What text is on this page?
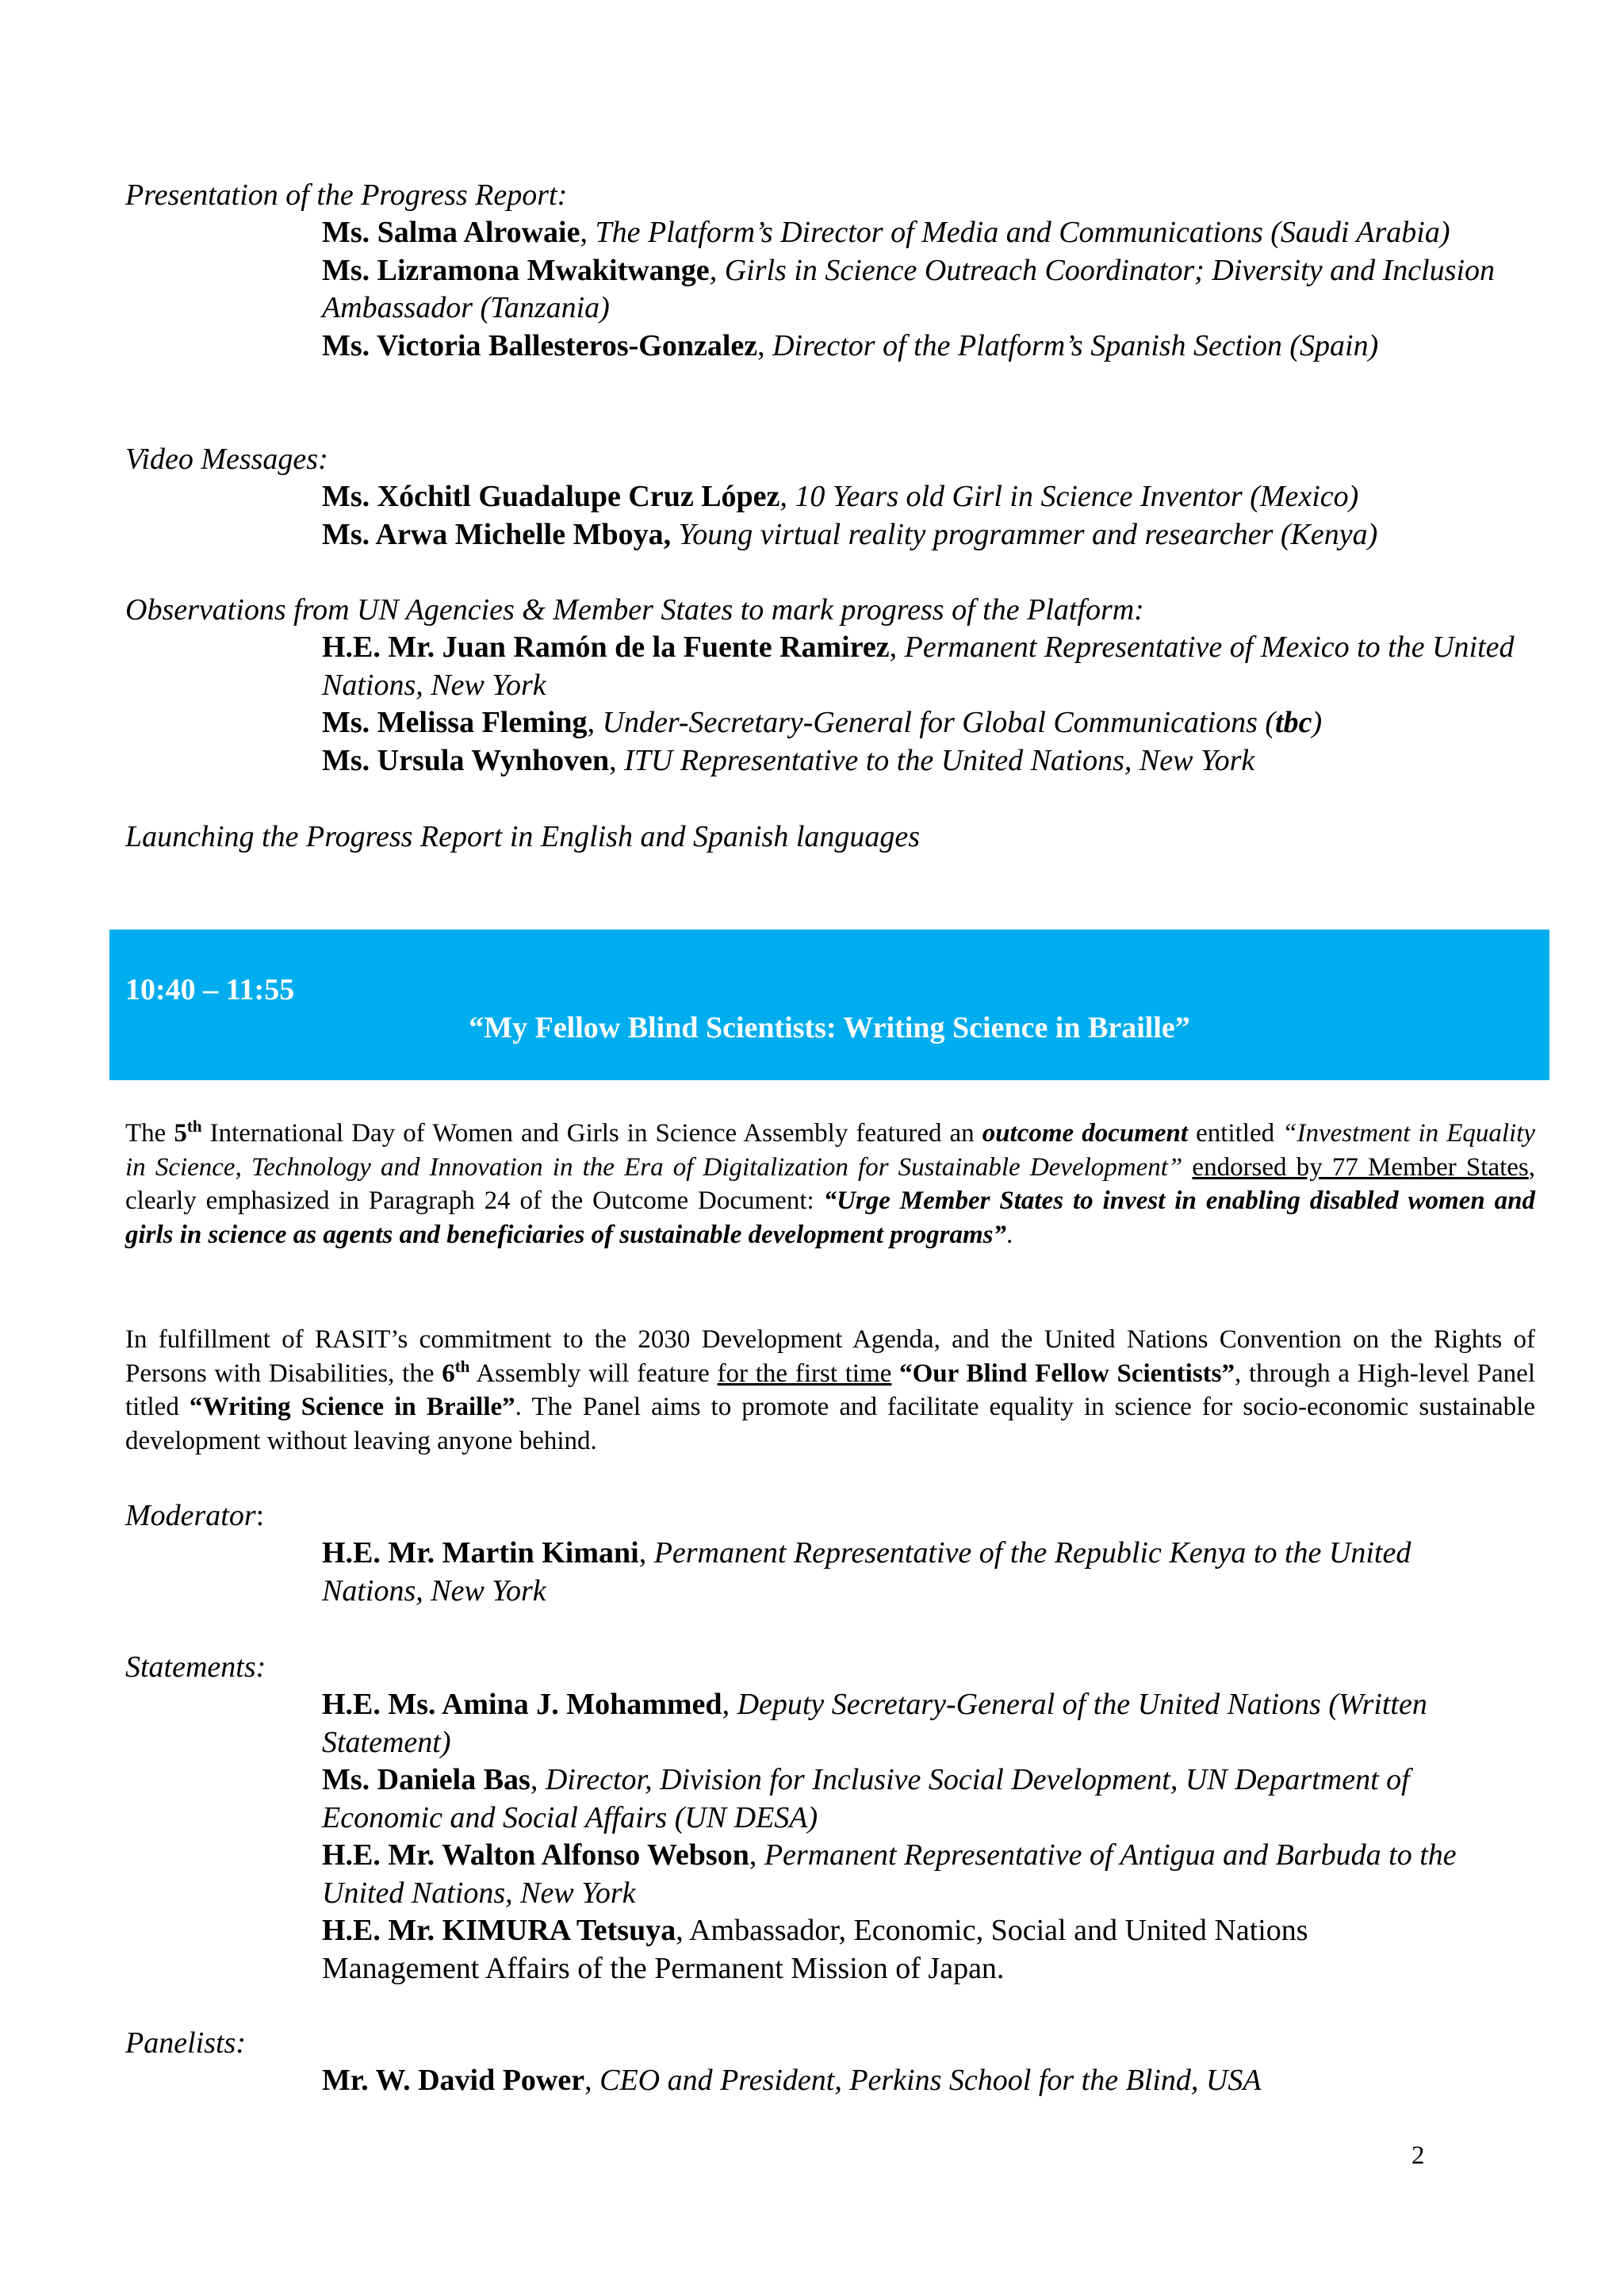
Presentation of the Progress Report:

Ms. Salma Alrowaie, The Platform’s Director of Media and Communications (Saudi Arabia)

Ms. Lizramona Mwakitwange, Girls in Science Outreach Coordinator; Diversity and Inclusion Ambassador (Tanzania)

Ms. Victoria Ballesteros-Gonzalez, Director of the Platform’s Spanish Section (Spain)

Video Messages:

Ms. Xóchitl Guadalupe Cruz López, 10 Years old Girl in Science Inventor (Mexico)

Ms. Arwa Michelle Mboya, Young virtual reality programmer and researcher (Kenya)

Observations from UN Agencies & Member States to mark progress of the Platform:

H.E. Mr. Juan Ramón de la Fuente Ramirez, Permanent Representative of Mexico to the United Nations, New York

Ms. Melissa Fleming, Under-Secretary-General for Global Communications (tbc)

Ms. Ursula Wynhoven, ITU Representative to the United Nations, New York

Launching the Progress Report in English and Spanish languages

10:40 – 11:55
“My Fellow Blind Scientists: Writing Science in Braille”

The 5th International Day of Women and Girls in Science Assembly featured an outcome document entitled “Investment in Equality in Science, Technology and Innovation in the Era of Digitalization for Sustainable Development” endorsed by 77 Member States, clearly emphasized in Paragraph 24 of the Outcome Document: “Urge Member States to invest in enabling disabled women and girls in science as agents and beneficiaries of sustainable development programs”.

In fulfillment of RASIT’s commitment to the 2030 Development Agenda, and the United Nations Convention on the Rights of Persons with Disabilities, the 6th Assembly will feature for the first time “Our Blind Fellow Scientists”, through a High-level Panel titled “Writing Science in Braille”. The Panel aims to promote and facilitate equality in science for socio-economic sustainable development without leaving anyone behind.

Moderator:

H.E. Mr. Martin Kimani, Permanent Representative of the Republic Kenya to the United Nations, New York

Statements:

H.E. Ms. Amina J. Mohammed, Deputy Secretary-General of the United Nations (Written Statement)

Ms. Daniela Bas, Director, Division for Inclusive Social Development, UN Department of Economic and Social Affairs (UN DESA)

H.E. Mr. Walton Alfonso Webson, Permanent Representative of Antigua and Barbuda to the United Nations, New York

H.E. Mr. KIMURA Tetsuya, Ambassador, Economic, Social and United Nations Management Affairs of the Permanent Mission of Japan.

Panelists:

Mr. W. David Power, CEO and President, Perkins School for the Blind, USA

2
